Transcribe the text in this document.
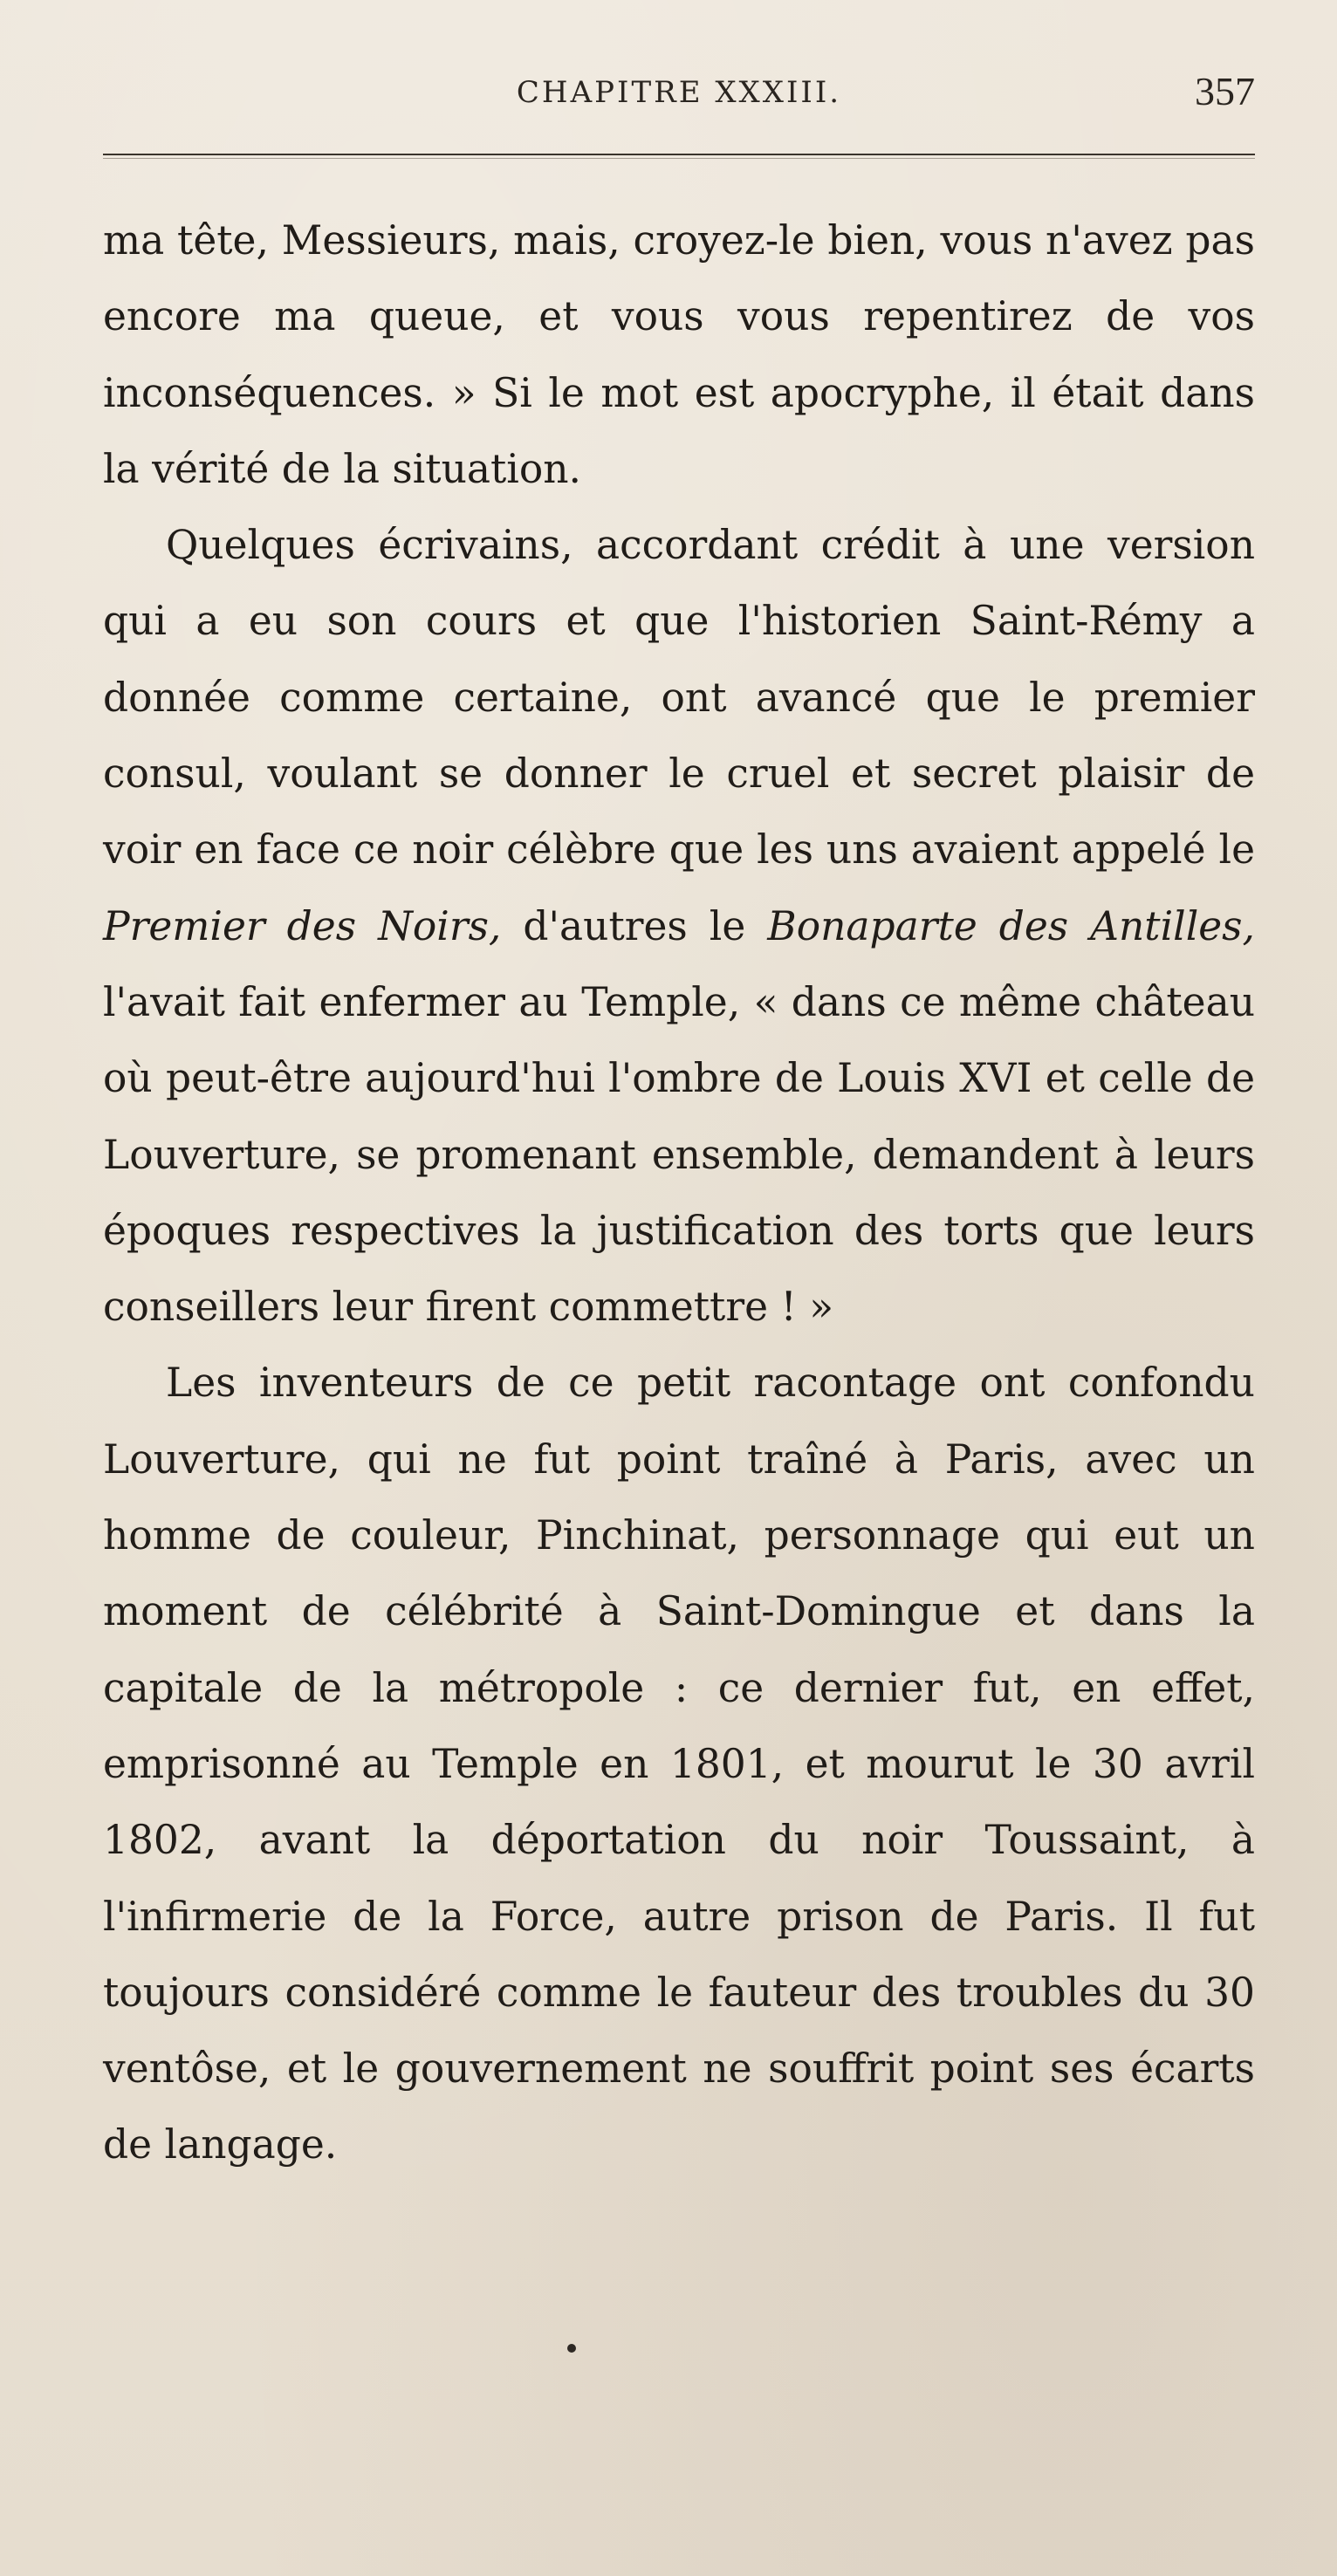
CHAPITRE XXXIII.	357

ma tête, Messieurs, mais, croyez-le bien, vous n'avez pas encore ma queue, et vous vous repentirez de vos inconséquences. » Si le mot est apocryphe, il était dans la vérité de la situation.

Quelques écrivains, accordant crédit à une version qui a eu son cours et que l'historien Saint-Rémy a donnée comme certaine, ont avancé que le premier consul, voulant se donner le cruel et secret plaisir de voir en face ce noir célèbre que les uns avaient appelé le Premier des Noirs, d'autres le Bonaparte des Antilles, l'avait fait enfermer au Temple, « dans ce même château où peut-être aujourd'hui l'ombre de Louis XVI et celle de Louverture, se promenant ensemble, demandent à leurs époques respectives la justification des torts que leurs conseillers leur firent commettre ! »

Les inventeurs de ce petit racontage ont confondu Louverture, qui ne fut point traîné à Paris, avec un homme de couleur, Pinchinat, personnage qui eut un moment de célébrité à Saint-Domingue et dans la capitale de la métropole : ce dernier fut, en effet, emprisonné au Temple en 1801, et mourut le 30 avril 1802, avant la déportation du noir Toussaint, à l'infirmerie de la Force, autre prison de Paris. Il fut toujours considéré comme le fauteur des troubles du 30 ventôse, et le gouvernement ne souffrit point ses écarts de langage.
